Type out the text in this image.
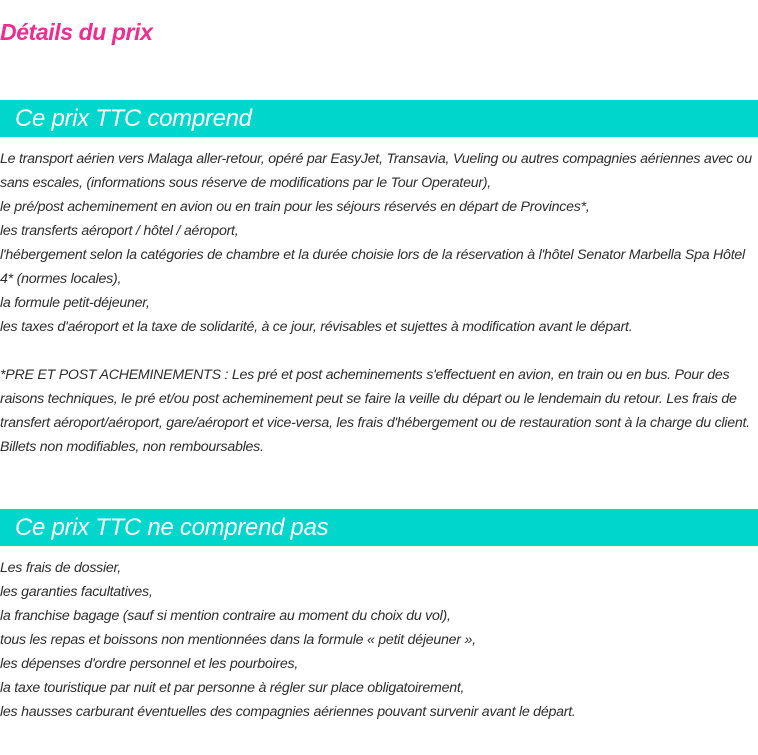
Détails du prix
Ce prix TTC comprend
Le transport aérien vers Malaga aller-retour, opéré par EasyJet, Transavia, Vueling ou autres compagnies aériennes avec ou sans escales, (informations sous réserve de modifications par le Tour Operateur),
le pré/post acheminement en avion ou en train pour les séjours réservés en départ de Provinces*,
les transferts aéroport / hôtel / aéroport,
l'hébergement selon la catégories de chambre et la durée choisie lors de la réservation à l'hôtel Senator Marbella Spa Hôtel 4* (normes locales),
la formule petit-déjeuner,
les taxes d'aéroport et la taxe de solidarité, à ce jour, révisables et sujettes à modification avant le départ.

*PRE ET POST ACHEMINEMENTS : Les pré et post acheminements s'effectuent en avion, en train ou en bus. Pour des raisons techniques, le pré et/ou post acheminement peut se faire la veille du départ ou le lendemain du retour. Les frais de transfert aéroport/aéroport, gare/aéroport et vice-versa, les frais d'hébergement ou de restauration sont à la charge du client. Billets non modifiables, non remboursables.

Ce prix TTC ne comprend pas
Les frais de dossier,
les garanties facultatives,
la franchise bagage (sauf si mention contraire au moment du choix du vol),
tous les repas et boissons non mentionnées dans la formule « petit déjeuner »,
les dépenses d'ordre personnel et les pourboires,
la taxe touristique par nuit et par personne à régler sur place obligatoirement,
les hausses carburant éventuelles des compagnies aériennes pouvant survenir avant le départ.
